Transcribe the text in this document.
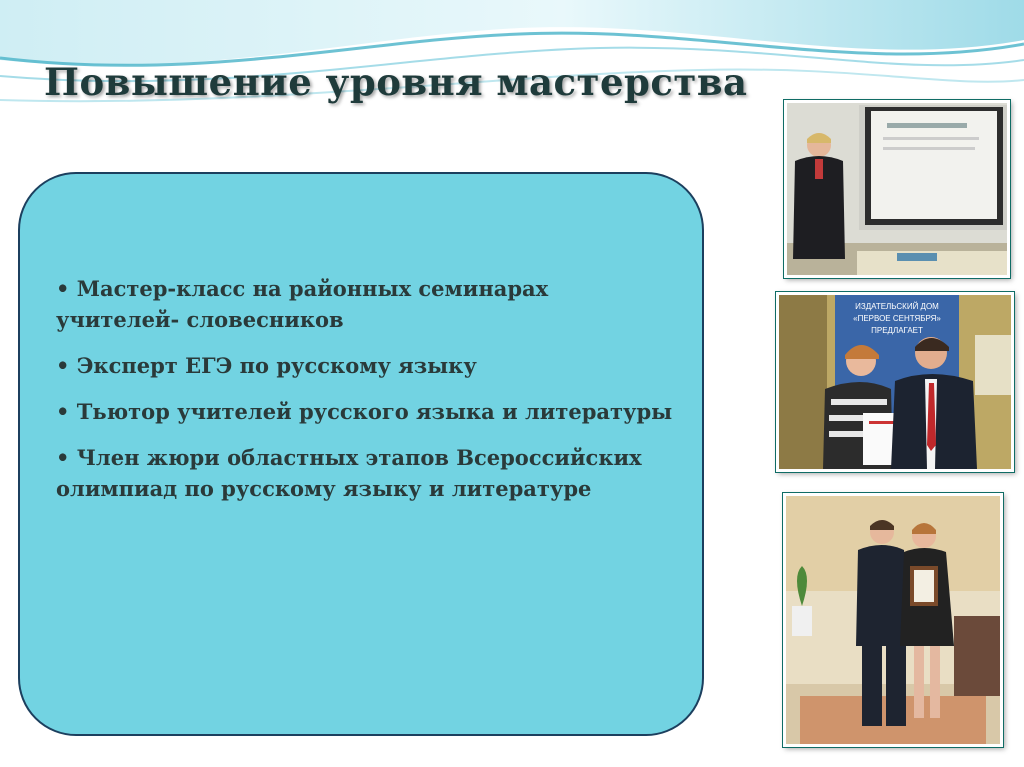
Повышение уровня мастерства
• Мастер-класс на районных семинарах учителей- словесников
• Эксперт ЕГЭ по русскому языку
• Тьютор учителей русского языка и литературы
• Член жюри областных этапов Всероссийских олимпиад по русскому языку и литературе
ИЗДАТЕЛЬСКИЙ ДОМ
«ПЕРВОЕ СЕНТЯБРЯ»
ПРЕДЛАГАЕТ
